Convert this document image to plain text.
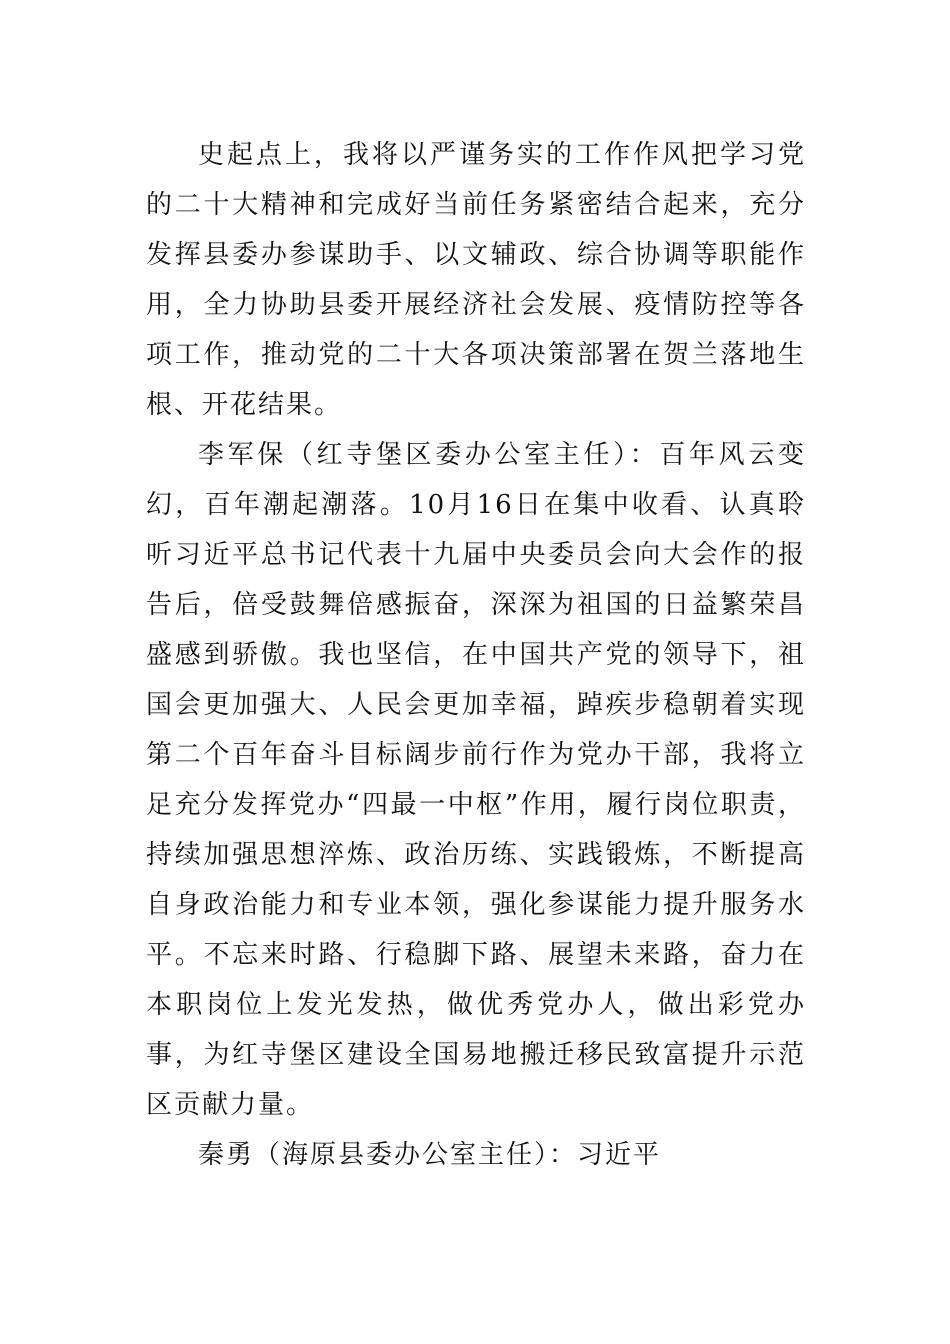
史起点上，我将以严谨务实的工作作风把学习党的二十大精神和完成好当前任务紧密结合起来，充分发挥县委办参谋助手、以文辅政、综合协调等职能作用，全力协助县委开展经济社会发展、疫情防控等各项工作，推动党的二十大各项决策部署在贺兰落地生根、开花结果。

李军保（红寺堡区委办公室主任）：百年风云变幻，百年潮起潮落。10月16日在集中收看、认真聆听习近平总书记代表十九届中央委员会向大会作的报告后，倍受鼓舞倍感振奋，深深为祖国的日益繁荣昌盛感到骄傲。我也坚信，在中国共产党的领导下，祖国会更加强大、人民会更加幸福，踔疾步稳朝着实现第二个百年奋斗目标阔步前行作为党办干部，我将立足充分发挥党办“四最一中枢”作用，履行岗位职责，持续加强思想淬炼、政治历练、实践锻炼，不断提高自身政治能力和专业本领，强化参谋能力提升服务水平。不忘来时路、行稳脚下路、展望未来路，奋力在本职岗位上发光发热，做优秀党办人，做出彩党办事，为红寺堡区建设全国易地搬迁移民致富提升示范区贡献力量。

秦勇（海原县委办公室主任）：习近平
